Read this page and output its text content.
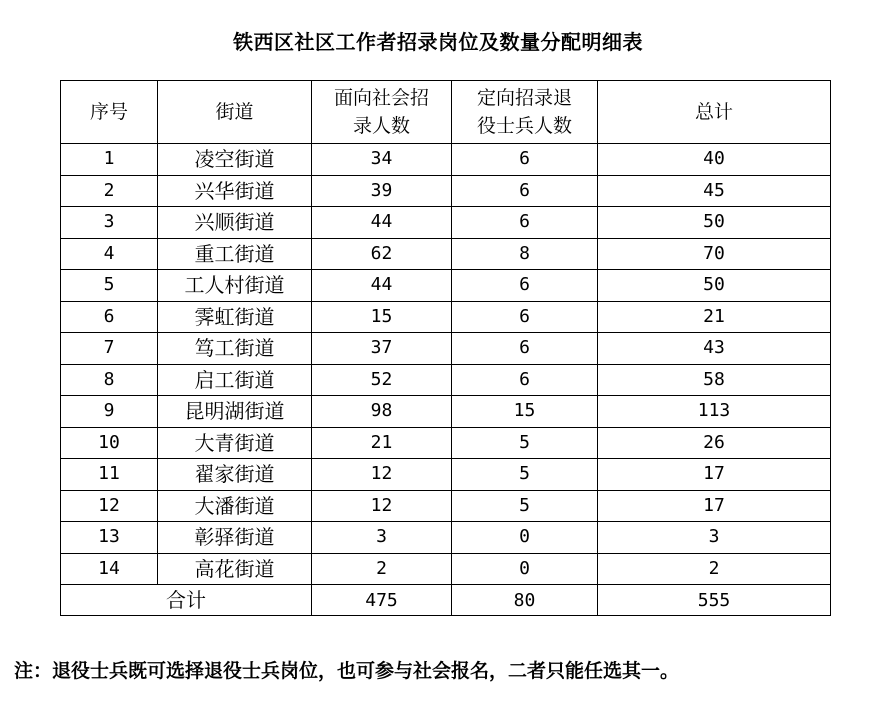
铁西区社区工作者招录岗位及数量分配明细表
序号	街道	面向社会招录人数	定向招录退役士兵人数	总计
1	凌空街道	34	6	40
2	兴华街道	39	6	45
3	兴顺街道	44	6	50
4	重工街道	62	8	70
5	工人村街道	44	6	50
6	霁虹街道	15	6	21
7	笃工街道	37	6	43
8	启工街道	52	6	58
9	昆明湖街道	98	15	113
10	大青街道	21	5	26
11	翟家街道	12	5	17
12	大潘街道	12	5	17
13	彰驿街道	3	0	3
14	高花街道	2	0	2
合计		475	80	555
注：退役士兵既可选择退役士兵岗位，也可参与社会报名，二者只能任选其一。
